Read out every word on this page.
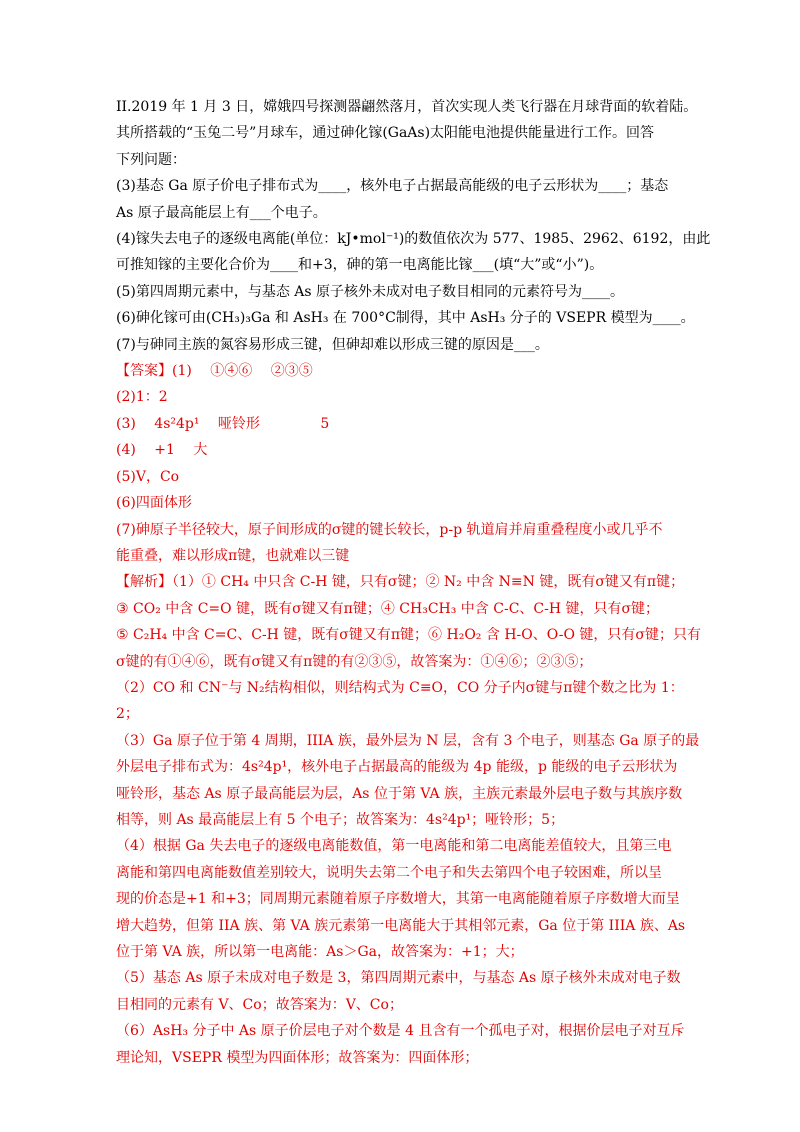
II.2019 年 1 月 3 日，嫦娥四号探测器翩然落月，首次实现人类飞行器在月球背面的软着陆。
其所搭载的“玉兔二号”月球车，通过砷化镓(GaAs)太阳能电池提供能量进行工作。回答
下列问题：
(3)基态 Ga 原子价电子排布式为____，核外电子占据最高能级的电子云形状为____；基态
As 原子最高能层上有___个电子。
(4)镓失去电子的逐级电离能(单位：kJ•mol⁻¹)的数值依次为 577、1985、2962、6192，由此
可推知镓的主要化合价为____和+3，砷的第一电离能比镓___(填“大”或“小”)。
(5)第四周期元素中，与基态 As 原子核外未成对电子数目相同的元素符号为____。
(6)砷化镓可由(CH₃)₃Ga 和 AsH₃ 在 700°C制得，其中 AsH₃ 分子的 VSEPR 模型为____。
(7)与砷同主族的氮容易形成三键，但砷却难以形成三键的原因是___。
【答案】(1)　 ①④⑥　 ②③⑤
(2)1：2
(3)　 4s²4p¹　 哑铃形　　　　 5
(4)　 +1　 大
(5)V，Co
(6)四面体形
(7)砷原子半径较大，原子间形成的σ键的键长较长，p-p 轨道肩并肩重叠程度小或几乎不
能重叠，难以形成π键，也就难以三键
【解析】（1）① CH₄ 中只含 C-H 键，只有σ键；② N₂ 中含 N≡N 键，既有σ键又有π键；
③ CO₂ 中含 C=O 键，既有σ键又有π键；④ CH₃CH₃ 中含 C-C、C-H 键，只有σ键；
⑤ C₂H₄ 中含 C=C、C-H 键，既有σ键又有π键；⑥ H₂O₂ 含 H-O、O-O 键，只有σ键；只有
σ键的有①④⑥，既有σ键又有π键的有②③⑤，故答案为：①④⑥；②③⑤；
（2）CO 和 CN⁻与 N₂结构相似，则结构式为 C≡O，CO 分子内σ键与π键个数之比为 1：
2；
（3）Ga 原子位于第 4 周期，IIIA 族，最外层为 N 层，含有 3 个电子，则基态 Ga 原子的最
外层电子排布式为：4s²4p¹，核外电子占据最高的能级为 4p 能级，p 能级的电子云形状为
哑铃形，基态 As 原子最高能层为层，As 位于第 VA 族，主族元素最外层电子数与其族序数
相等，则 As 最高能层上有 5 个电子；故答案为：4s²4p¹；哑铃形；5；
（4）根据 Ga 失去电子的逐级电离能数值，第一电离能和第二电离能差值较大，且第三电
离能和第四电离能数值差别较大，说明失去第二个电子和失去第四个电子较困难，所以呈
现的价态是+1 和+3；同周期元素随着原子序数增大，其第一电离能随着原子序数增大而呈
增大趋势，但第 IIA 族、第 VA 族元素第一电离能大于其相邻元素，Ga 位于第 IIIA 族、As
位于第 VA 族，所以第一电离能：As＞Ga，故答案为：+1；大；
（5）基态 As 原子未成对电子数是 3，第四周期元素中，与基态 As 原子核外未成对电子数
目相同的元素有 V、Co；故答案为：V、Co；
（6）AsH₃ 分子中 As 原子价层电子对个数是 4 且含有一个孤电子对，根据价层电子对互斥
理论知，VSEPR 模型为四面体形；故答案为：四面体形；
